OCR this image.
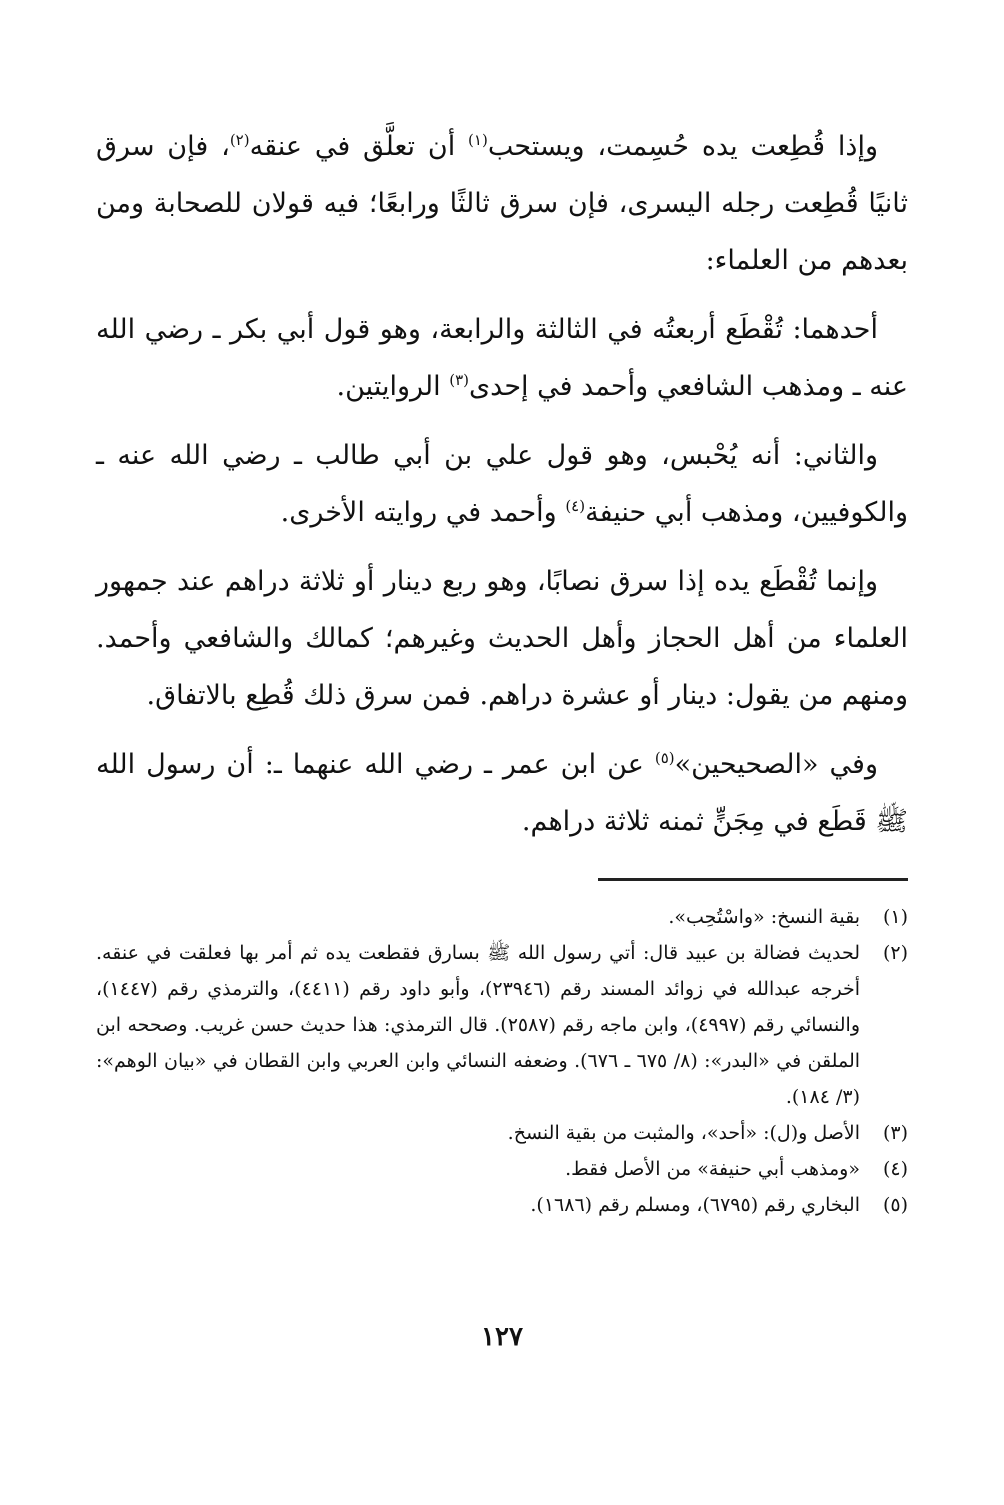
وإذا قُطِعت يده حُسِمت، ويستحب$^{(١)}$ أن تعلَّق في عنقه$^{(٢)}$، فإن سرق ثانيًا قُطِعت رجله اليسرى، فإن سرق ثالثًا ورابعًا؛ فيه قولان للصحابة ومن بعدهم من العلماء:

أحدهما: تُقْطَع أربعتُه في الثالثة والرابعة، وهو قول أبي بكر ـ رضي الله عنه ـ ومذهب الشافعي وأحمد في إحدى$^{(٣)}$ الروايتين.

والثاني: أنه يُحْبس، وهو قول علي بن أبي طالب ـ رضي الله عنه ـ والكوفيين، ومذهب أبي حنيفة$^{(٤)}$ وأحمد في روايته الأخرى.

وإنما تُقْطَع يده إذا سرق نصابًا، وهو ربع دينار أو ثلاثة دراهم عند جمهور العلماء من أهل الحجاز وأهل الحديث وغيرهم؛ كمالك والشافعي وأحمد. ومنهم من يقول: دينار أو عشرة دراهم. فمن سرق ذلك قُطِع بالاتفاق.

وفي «الصحيحين»$^{(٥)}$ عن ابن عمر ـ رضي الله عنهما ـ: أن رسول الله ﷺ قَطَع في مِجَنٍّ ثمنه ثلاثة دراهم.

(١)
بقية النسخ: «واسْتُحِب».
(٢)
لحديث فضالة بن عبيد قال: أتي رسول الله ﷺ بسارق فقطعت يده ثم أمر بها فعلقت في عنقه. أخرجه عبدالله في زوائد المسند رقم (٢٣٩٤٦)، وأبو داود رقم (٤٤١١)، والترمذي رقم (١٤٤٧)، والنسائي رقم (٤٩٩٧)، وابن ماجه رقم (٢٥٨٧). قال الترمذي: هذا حديث حسن غريب. وصححه ابن الملقن في «البدر»: (٨/ ٦٧٥ ـ ٦٧٦). وضعفه النسائي وابن العربي وابن القطان في «بيان الوهم»: (٣/ ١٨٤).
(٣)
الأصل و(ل): «أحد»، والمثبت من بقية النسخ.
(٤)
«ومذهب أبي حنيفة» من الأصل فقط.
(٥)
البخاري رقم (٦٧٩٥)، ومسلم رقم (١٦٨٦).
١٢٧
